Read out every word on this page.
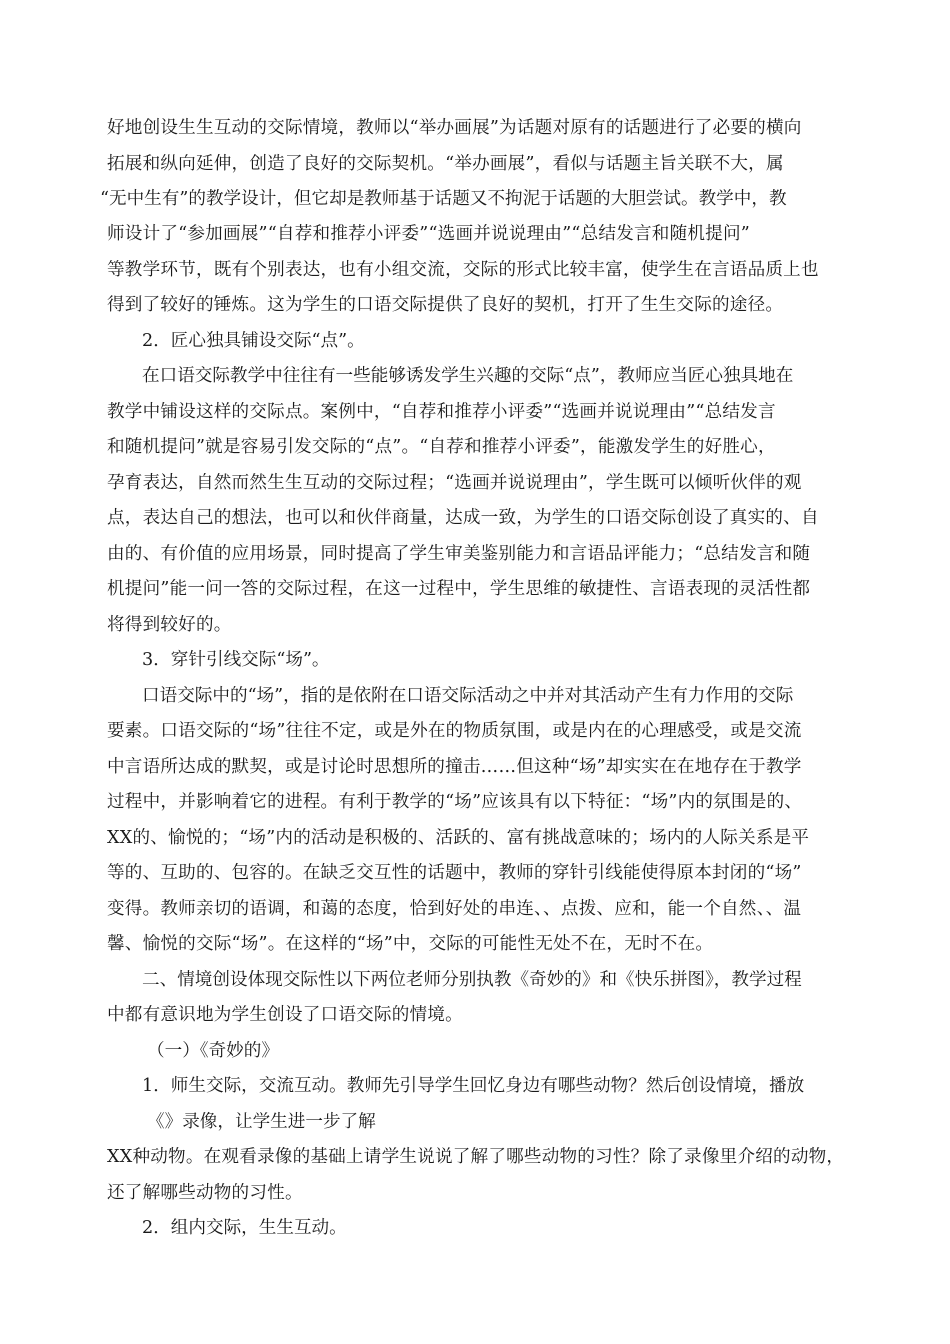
好地创设生生互动的交际情境，教师以“举办画展”为话题对原有的话题进行了必要的横向
拓展和纵向延伸，创造了良好的交际契机。“举办画展”，看似与话题主旨关联不大，属
“无中生有”的教学设计，但它却是教师基于话题又不拘泥于话题的大胆尝试。教学中，教
师设计了“参加画展”“自荐和推荐小评委”“选画并说说理由”“总结发言和随机提问”
等教学环节，既有个别表达，也有小组交流，交际的形式比较丰富，使学生在言语品质上也
得到了较好的锤炼。这为学生的口语交际提供了良好的契机，打开了生生交际的途径。
2．匠心独具铺设交际“点”。
在口语交际教学中往往有一些能够诱发学生兴趣的交际“点”，教师应当匠心独具地在
教学中铺设这样的交际点。案例中，“自荐和推荐小评委”“选画并说说理由”“总结发言
和随机提问”就是容易引发交际的“点”。“自荐和推荐小评委”，能激发学生的好胜心，
孕育表达，自然而然生生互动的交际过程；“选画并说说理由”，学生既可以倾听伙伴的观
点，表达自己的想法，也可以和伙伴商量，达成一致，为学生的口语交际创设了真实的、自
由的、有价值的应用场景，同时提高了学生审美鉴别能力和言语品评能力；“总结发言和随
机提问”能一问一答的交际过程，在这一过程中，学生思维的敏捷性、言语表现的灵活性都
将得到较好的。
3．穿针引线交际“场”。
口语交际中的“场”，指的是依附在口语交际活动之中并对其活动产生有力作用的交际
要素。口语交际的“场”往往不定，或是外在的物质氛围，或是内在的心理感受，或是交流
中言语所达成的默契，或是讨论时思想所的撞击……但这种“场”却实实在在地存在于教学
过程中，并影响着它的进程。有利于教学的“场”应该具有以下特征：“场”内的氛围是的、
XX的、愉悦的；“场”内的活动是积极的、活跃的、富有挑战意味的；场内的人际关系是平
等的、互助的、包容的。在缺乏交互性的话题中，教师的穿针引线能使得原本封闭的“场”
变得。教师亲切的语调，和蔼的态度，恰到好处的串连、、点拨、应和，能一个自然、、温
馨、愉悦的交际“场”。在这样的“场”中，交际的可能性无处不在，无时不在。
二、情境创设体现交际性以下两位老师分别执教《奇妙的》和《快乐拼图》，教学过程
中都有意识地为学生创设了口语交际的情境。
（一）《奇妙的》
1．师生交际，交流互动。教师先引导学生回忆身边有哪些动物？然后创设情境，播放
《》录像，让学生进一步了解
XX种动物。在观看录像的基础上请学生说说了解了哪些动物的习性？除了录像里介绍的动物，
还了解哪些动物的习性。
2．组内交际，生生互动。
